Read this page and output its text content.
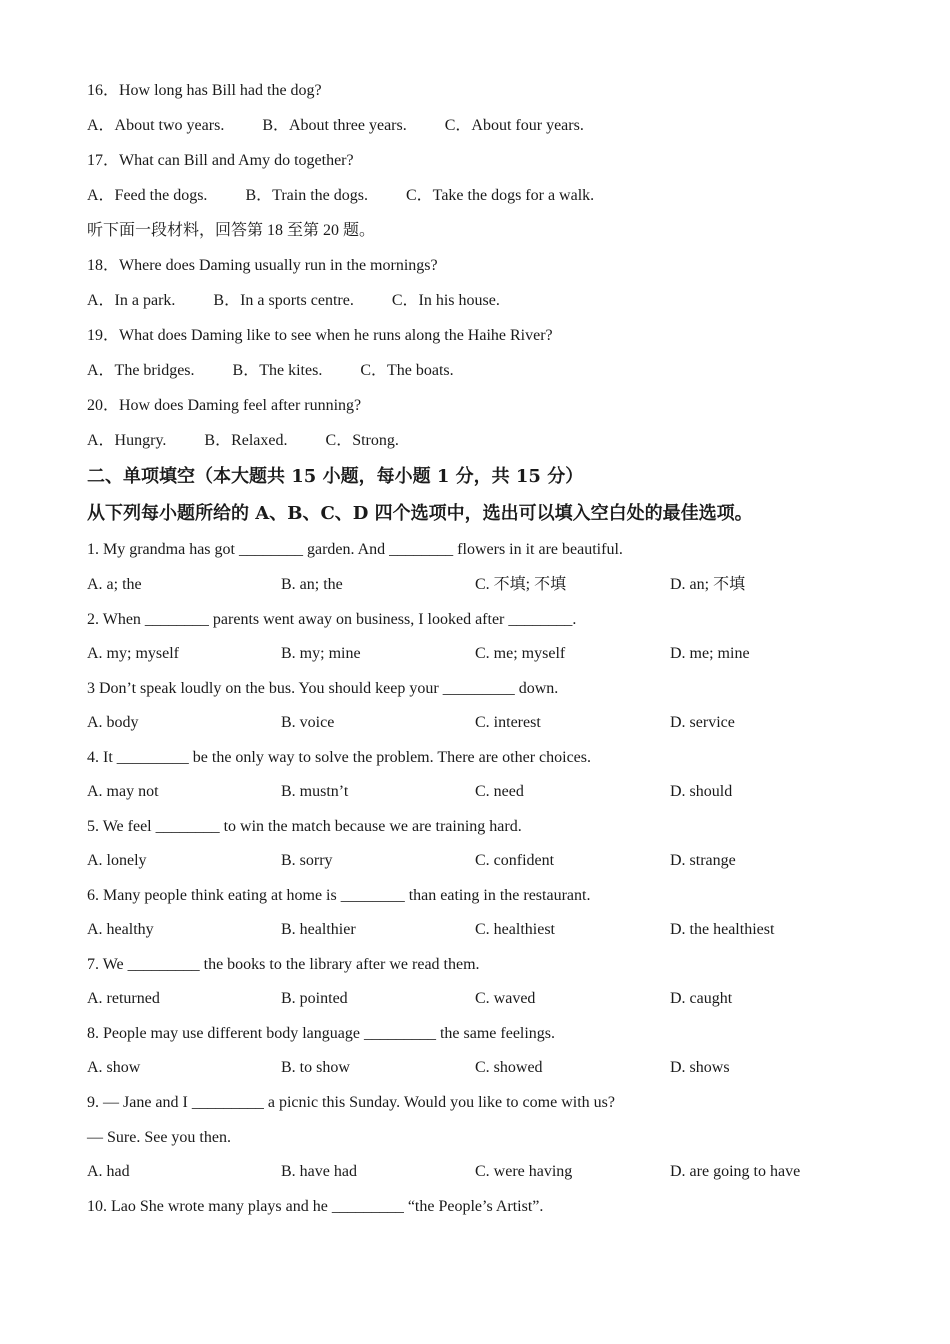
16．How long has Bill had the dog?
A．About two years. B．About three years. C．About four years.
17．What can Bill and Amy do together?
A．Feed the dogs. B．Train the dogs. C．Take the dogs for a walk.
听下面一段材料，回答第 18 至第 20 题。
18．Where does Daming usually run in the mornings?
A．In a park. B．In a sports centre. C．In his house.
19．What does Daming like to see when he runs along the Haihe River?
A．The bridges. B．The kites. C．The boats.
20．How does Daming feel after running?
A．Hungry. B．Relaxed. C．Strong.
二、单项填空（本大题共 15 小题，每小题 1 分，共 15 分）
从下列每小题所给的 A、B、C、D 四个选项中，选出可以填入空白处的最佳选项。
1. My grandma has got ________ garden. And ________ flowers in it are beautiful.
A. a; the	B. an; the	C. 不填; 不填	D. an; 不填
2. When ________ parents went away on business, I looked after ________.
A. my; myself	B. my; mine	C. me; myself	D. me; mine
3 Don’t speak loudly on the bus. You should keep your _________ down.
A. body	B. voice	C. interest	D. service
4. It _________ be the only way to solve the problem. There are other choices.
A. may not	B. mustn’t	C. need	D. should
5. We feel ________ to win the match because we are training hard.
A. lonely	B. sorry	C. confident	D. strange
6. Many people think eating at home is ________ than eating in the restaurant.
A. healthy	B. healthier	C. healthiest	D. the healthiest
7. We _________ the books to the library after we read them.
A. returned	B. pointed	C. waved	D. caught
8. People may use different body language _________ the same feelings.
A. show	B. to show	C. showed	D. shows
9. — Jane and I _________ a picnic this Sunday. Would you like to come with us?
— Sure. See you then.
A. had	B. have had	C. were having	D. are going to have
10. Lao She wrote many plays and he _________ “the People’s Artist”.
